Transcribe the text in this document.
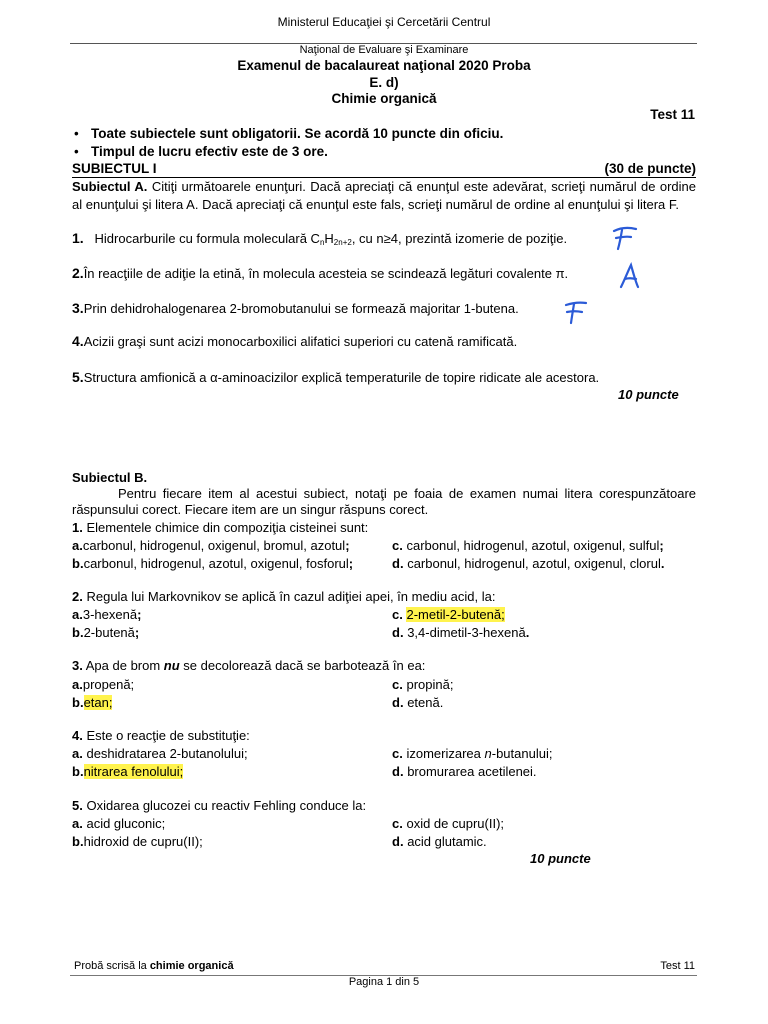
Ministerul Educaţiei şi Cercetării Centrul
Naţional de Evaluare şi Examinare
Examenul de bacalaureat naţional 2020 Proba
E. d)
Chimie organică
Test 11
• Toate subiectele sunt obligatorii. Se acordă 10 puncte din oficiu.
• Timpul de lucru efectiv este de 3 ore.
SUBIECTUL I	(30 de puncte)
Subiectul A. Citiţi următoarele enunţuri. Dacă apreciaţi că enunţul este adevărat, scrieţi numărul de ordine al enunţului şi litera A. Dacă apreciaţi că enunţul este fals, scrieţi numărul de ordine al enunţului şi litera F.
1. Hidrocarburile cu formula moleculară $C_nH_{2n+2}$, cu n≥4, prezintă izomerie de poziţie.
2.În reacţiile de adiţie la etină, în molecula acesteia se scindează legături covalente π.
3.Prin dehidrohalogenarea 2-bromobutanului se formează majoritar 1-butena.
4.Acizii graşi sunt acizi monocarboxilici alifatici superiori cu catenă ramificată.
5.Structura amfionică a α-aminoacizilor explică temperaturile de topire ridicate ale acestora.
10 puncte
F
A
F
Subiectul B.
Pentru fiecare item al acestui subiect, notaţi pe foaia de examen numai litera corespunzătoare răspunsului corect. Fiecare item are un singur răspuns corect.
1. Elementele chimice din compoziţia cisteinei sunt:
a.carbonul, hidrogenul, oxigenul, bromul, azotul;	c. carbonul, hidrogenul, azotul, oxigenul, sulful;
b.carbonul, hidrogenul, azotul, oxigenul, fosforul;	d. carbonul, hidrogenul, azotul, oxigenul, clorul.
2. Regula lui Markovnikov se aplică în cazul adiţiei apei, în mediu acid, la:
a.3-hexenă;	c. 2-metil-2-butenă;
b.2-butenă;	d. 3,4-dimetil-3-hexenă.
3. Apa de brom nu se decolorează dacă se barbotează în ea:
a.propenă;	c. propină;
b.etan;	d. etenă.
4. Este o reacţie de substituţie:
a. deshidratarea 2-butanolului;	c. izomerizarea n-butanului;
b.nitrarea fenolului;	d. bromurarea acetilenei.
5. Oxidarea glucozei cu reactiv Fehling conduce la:
a. acid gluconic;	c. oxid de cupru(II);
b.hidroxid de cupru(II);	d. acid glutamic.
10 puncte
Probă scrisă la chimie organică	Test 11
Pagina 1 din 5
